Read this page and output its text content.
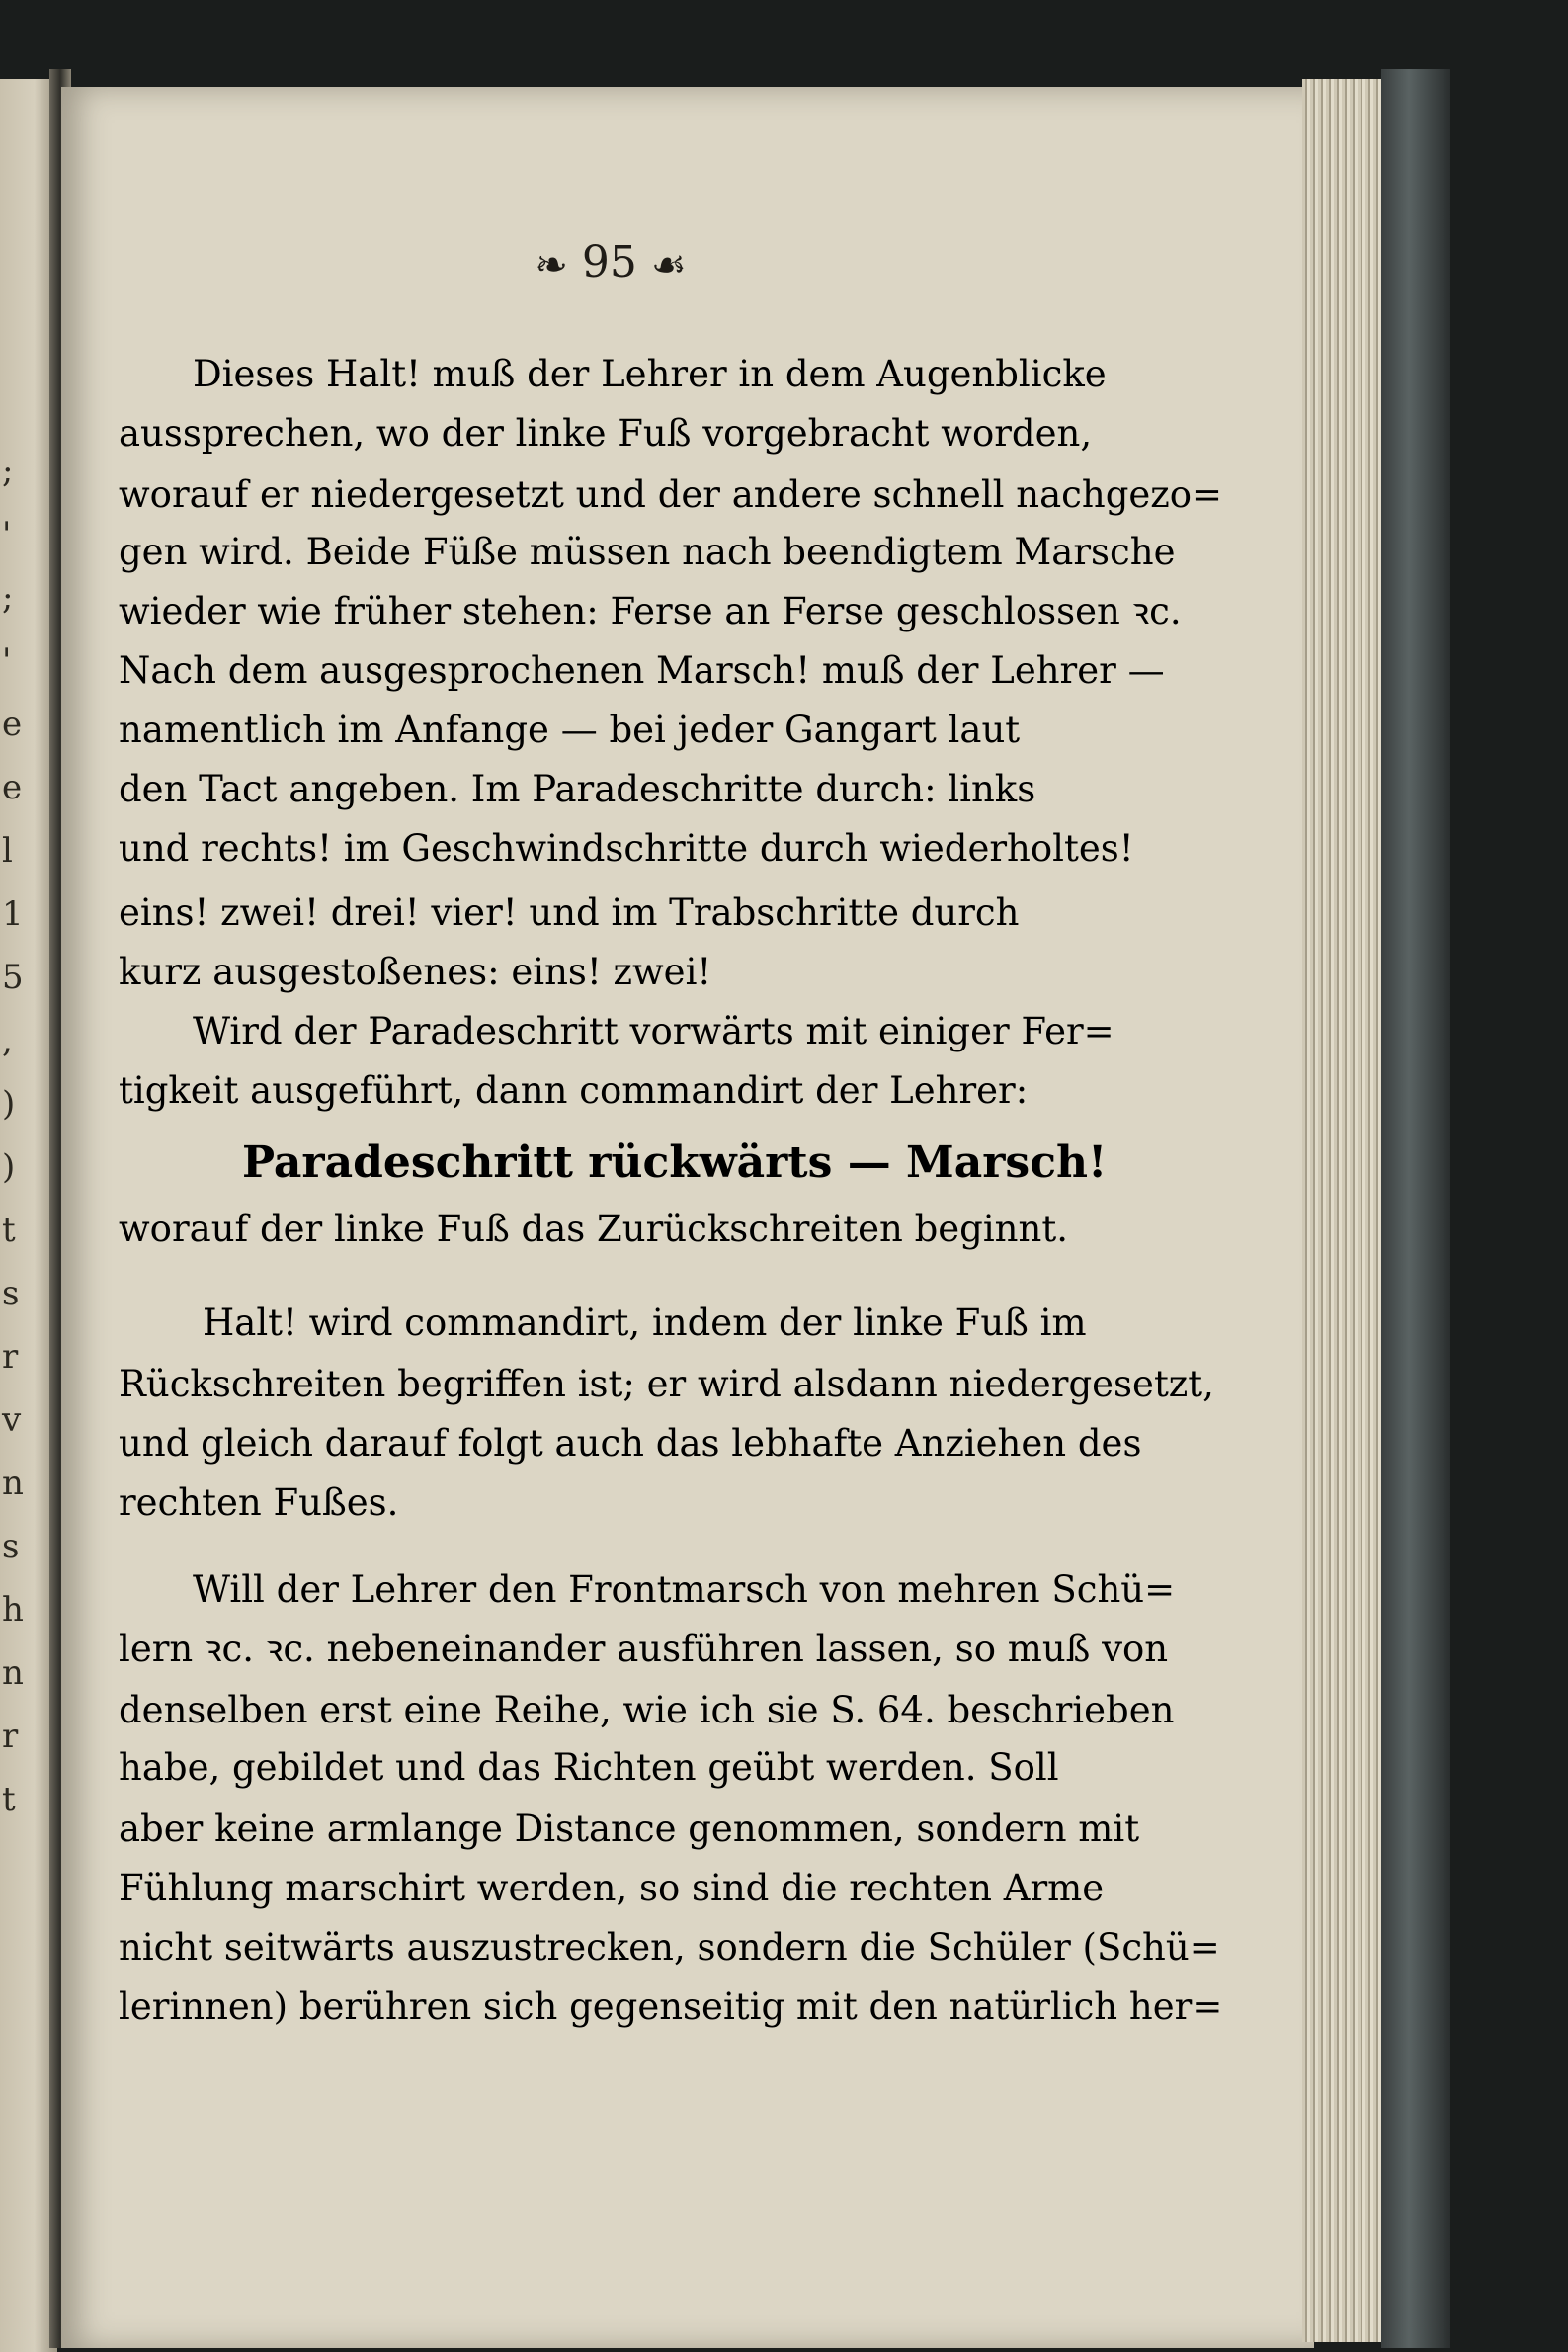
;
'
;
'
e
e
l
1
5
,
)
)
t
s
r
v
n
s
h
n
r
t
❧ 95 ☙
Dieses Halt! muß der Lehrer in dem Augenblicke
aussprechen, wo der linke Fuß vorgebracht worden,
worauf er niedergesetzt und der andere schnell nachgezo=
gen wird. Beide Füße müssen nach beendigtem Marsche
wieder wie früher stehen: Ferse an Ferse geschlossen ꝛc.
Nach dem ausgesprochenen Marsch! muß der Lehrer —
namentlich im Anfange — bei jeder Gangart laut
den Tact angeben. Im Paradeschritte durch: links
und rechts! im Geschwindschritte durch wiederholtes!
eins! zwei! drei! vier! und im Trabschritte durch
kurz ausgestoßenes: eins! zwei!
Wird der Paradeschritt vorwärts mit einiger Fer=
tigkeit ausgeführt, dann commandirt der Lehrer:
Paradeschritt rückwärts — Marsch!
worauf der linke Fuß das Zurückschreiten beginnt.
Halt! wird commandirt, indem der linke Fuß im
Rückschreiten begriffen ist; er wird alsdann niedergesetzt,
und gleich darauf folgt auch das lebhafte Anziehen des
rechten Fußes.
Will der Lehrer den Frontmarsch von mehren Schü=
lern ꝛc. ꝛc. nebeneinander ausführen lassen, so muß von
denselben erst eine Reihe, wie ich sie S. 64. beschrieben
habe, gebildet und das Richten geübt werden. Soll
aber keine armlange Distance genommen, sondern mit
Fühlung marschirt werden, so sind die rechten Arme
nicht seitwärts auszustrecken, sondern die Schüler (Schü=
lerinnen) berühren sich gegenseitig mit den natürlich her=
